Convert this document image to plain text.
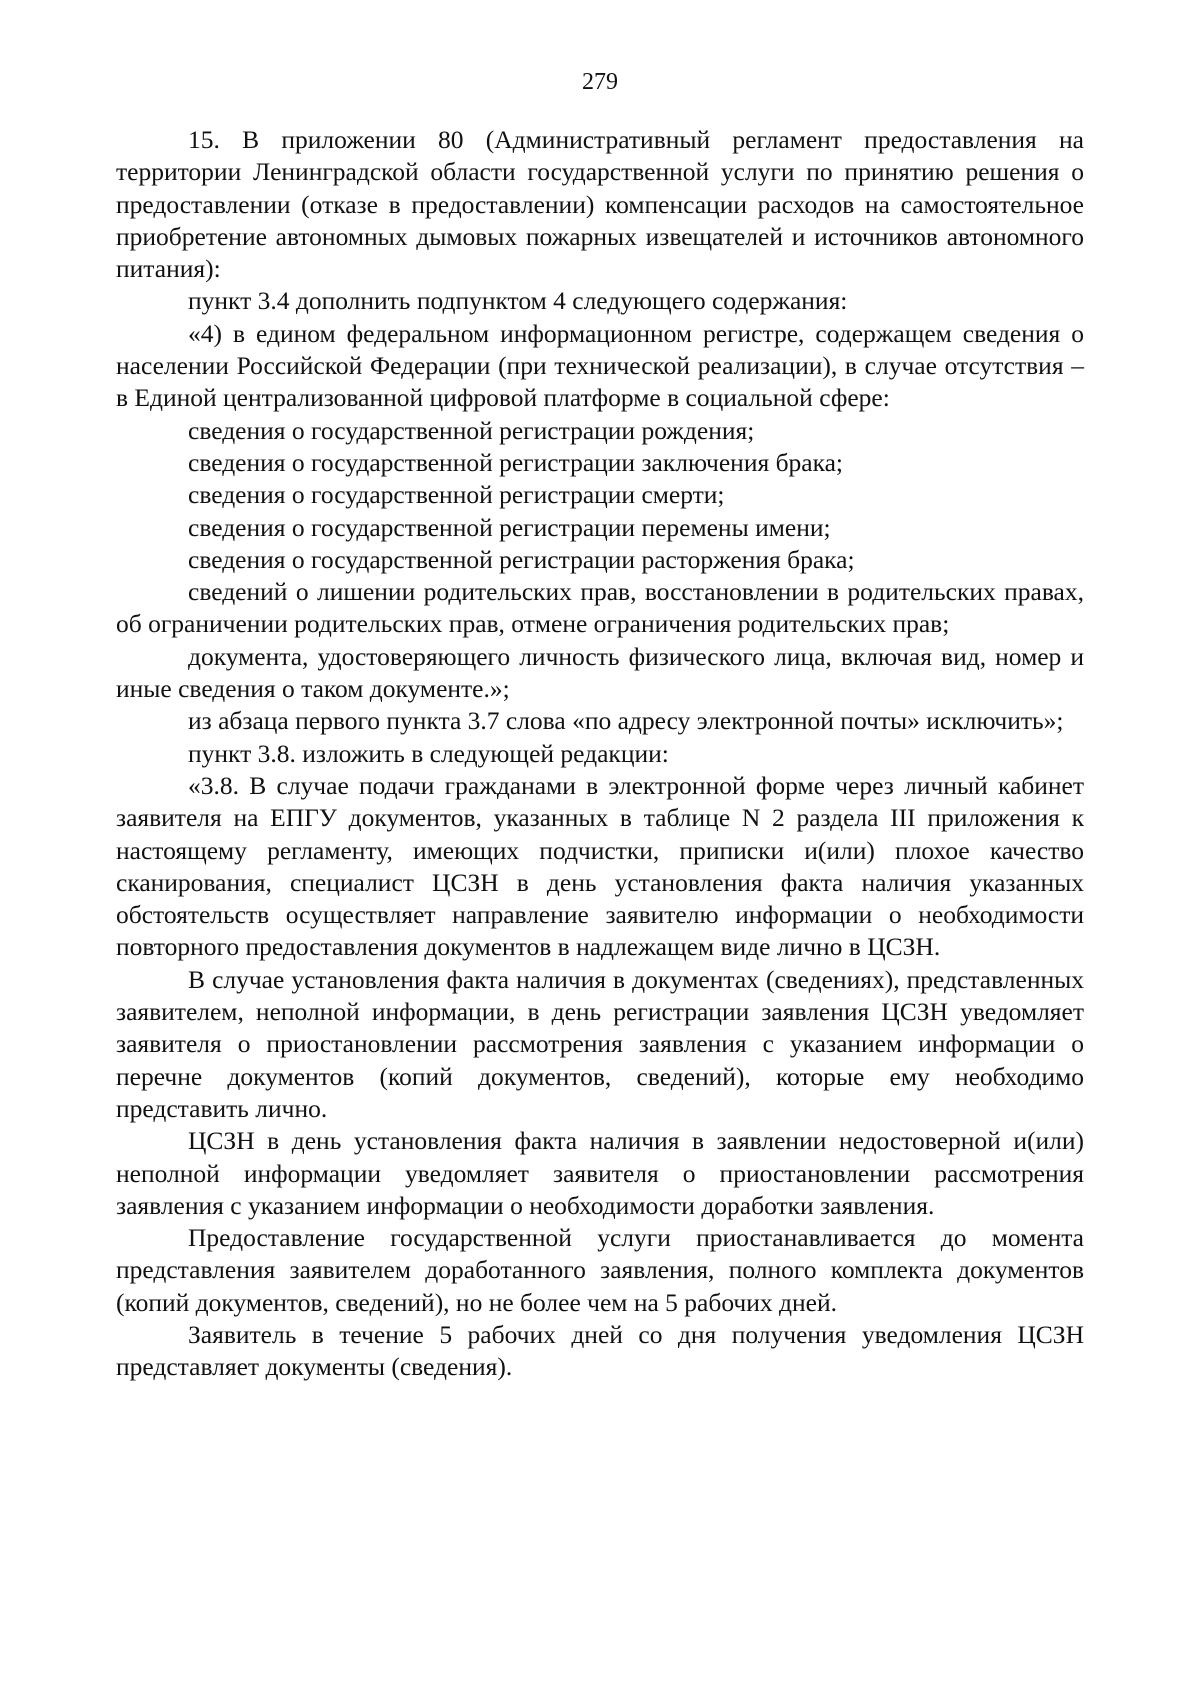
279

15. В приложении 80 (Административный регламент предоставления на территории Ленинградской области государственной услуги по принятию решения о предоставлении (отказе в предоставлении) компенсации расходов на самостоятельное приобретение автономных дымовых пожарных извещателей и источников автономного питания):

пункт 3.4 дополнить подпунктом 4 следующего содержания:

«4) в едином федеральном информационном регистре, содержащем сведения о населении Российской Федерации (при технической реализации), в случае отсутствия – в Единой централизованной цифровой платформе в социальной сфере:

сведения о государственной регистрации рождения;

сведения о государственной регистрации заключения брака;

сведения о государственной регистрации смерти;

сведения о государственной регистрации перемены имени;

сведения о государственной регистрации расторжения брака;

сведений о лишении родительских прав, восстановлении в родительских правах, об ограничении родительских прав, отмене ограничения родительских прав;

документа, удостоверяющего личность физического лица, включая вид, номер и иные сведения о таком документе.»;

из абзаца первого пункта 3.7 слова «по адресу электронной почты» исключить»;

пункт 3.8. изложить в следующей редакции:

«3.8. В случае подачи гражданами в электронной форме через личный кабинет заявителя на ЕПГУ документов, указанных в таблице N 2 раздела III приложения к настоящему регламенту, имеющих подчистки, приписки и(или) плохое качество сканирования, специалист ЦСЗН в день установления факта наличия указанных обстоятельств осуществляет направление заявителю информации о необходимости повторного предоставления документов в надлежащем виде лично в ЦСЗН.

В случае установления факта наличия в документах (сведениях), представленных заявителем, неполной информации, в день регистрации заявления ЦСЗН уведомляет заявителя о приостановлении рассмотрения заявления с указанием информации о перечне документов (копий документов, сведений), которые ему необходимо представить лично.

ЦСЗН в день установления факта наличия в заявлении недостоверной и(или) неполной информации уведомляет заявителя о приостановлении рассмотрения заявления с указанием информации о необходимости доработки заявления.

Предоставление государственной услуги приостанавливается до момента представления заявителем доработанного заявления, полного комплекта документов (копий документов, сведений), но не более чем на 5 рабочих дней.

Заявитель в течение 5 рабочих дней со дня получения уведомления ЦСЗН представляет документы (сведения).
